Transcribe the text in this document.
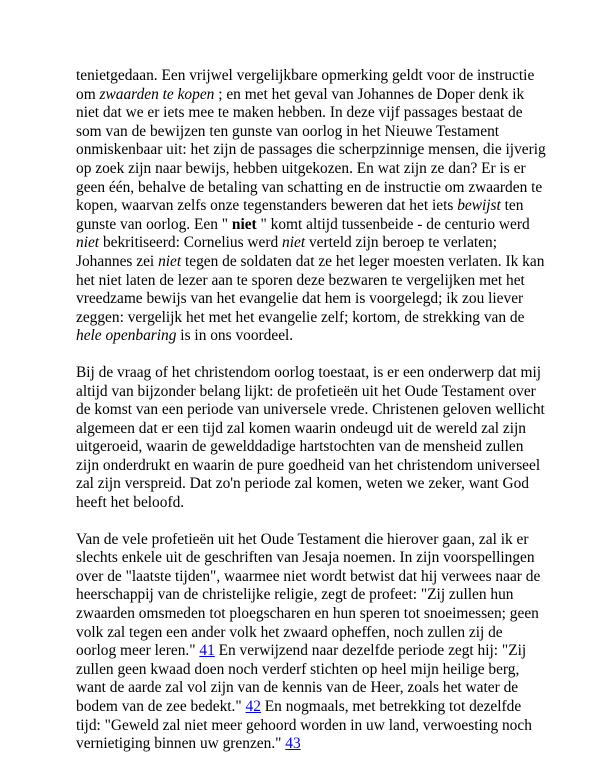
tenietgedaan. Een vrijwel vergelijkbare opmerking geldt voor de instructie om zwaarden te kopen ; en met het geval van Johannes de Doper denk ik niet dat we er iets mee te maken hebben. In deze vijf passages bestaat de som van de bewijzen ten gunste van oorlog in het Nieuwe Testament onmiskenbaar uit: het zijn de passages die scherpzinnige mensen, die ijverig op zoek zijn naar bewijs, hebben uitgekozen. En wat zijn ze dan? Er is er geen één, behalve de betaling van schatting en de instructie om zwaarden te kopen, waarvan zelfs onze tegenstanders beweren dat het iets bewijst ten gunste van oorlog. Een " niet " komt altijd tussenbeide - de centurio werd niet bekritiseerd: Cornelius werd niet verteld zijn beroep te verlaten; Johannes zei niet tegen de soldaten dat ze het leger moesten verlaten. Ik kan het niet laten de lezer aan te sporen deze bezwaren te vergelijken met het vreedzame bewijs van het evangelie dat hem is voorgelegd; ik zou liever zeggen: vergelijk het met het evangelie zelf; kortom, de strekking van de hele openbaring is in ons voordeel.

Bij de vraag of het christendom oorlog toestaat, is er een onderwerp dat mij altijd van bijzonder belang lijkt: de profetieën uit het Oude Testament over de komst van een periode van universele vrede. Christenen geloven wellicht algemeen dat er een tijd zal komen waarin ondeugd uit de wereld zal zijn uitgeroeid, waarin de gewelddadige hartstochten van de mensheid zullen zijn onderdrukt en waarin de pure goedheid van het christendom universeel zal zijn verspreid. Dat zo'n periode zal komen, weten we zeker, want God heeft het beloofd.

Van de vele profetieën uit het Oude Testament die hierover gaan, zal ik er slechts enkele uit de geschriften van Jesaja noemen. In zijn voorspellingen over de "laatste tijden", waarmee niet wordt betwist dat hij verwees naar de heerschappij van de christelijke religie, zegt de profeet: "Zij zullen hun zwaarden omsmeden tot ploegscharen en hun speren tot snoeimessen; geen volk zal tegen een ander volk het zwaard opheffen, noch zullen zij de oorlog meer leren." 41 En verwijzend naar dezelfde periode zegt hij: "Zij zullen geen kwaad doen noch verderf stichten op heel mijn heilige berg, want de aarde zal vol zijn van de kennis van de Heer, zoals het water de bodem van de zee bedekt." 42 En nogmaals, met betrekking tot dezelfde tijd: "Geweld zal niet meer gehoord worden in uw land, verwoesting noch vernietiging binnen uw grenzen." 43
